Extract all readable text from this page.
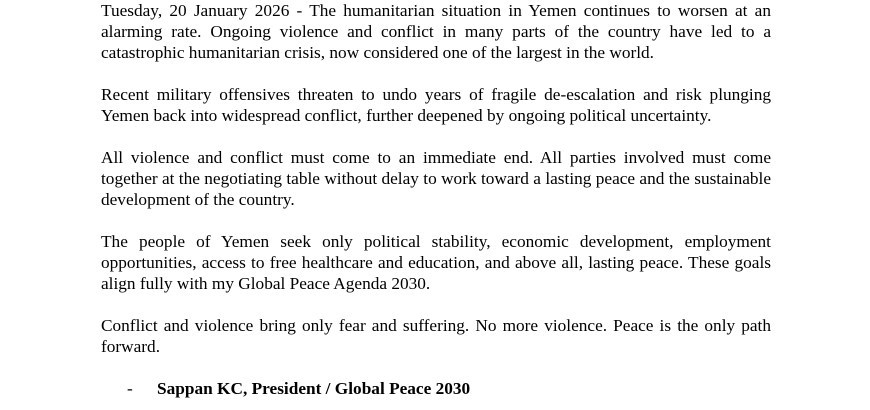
Tuesday, 20 January 2026 - The humanitarian situation in Yemen continues to worsen at an alarming rate. Ongoing violence and conflict in many parts of the country have led to a catastrophic humanitarian crisis, now considered one of the largest in the world.

Recent military offensives threaten to undo years of fragile de-escalation and risk plunging Yemen back into widespread conflict, further deepened by ongoing political uncertainty.

All violence and conflict must come to an immediate end. All parties involved must come together at the negotiating table without delay to work toward a lasting peace and the sustainable development of the country.

The people of Yemen seek only political stability, economic development, employment opportunities, access to free healthcare and education, and above all, lasting peace. These goals align fully with my Global Peace Agenda 2030.

Conflict and violence bring only fear and suffering. No more violence. Peace is the only path forward.

-	Sappan KC, President / Global Peace 2030
